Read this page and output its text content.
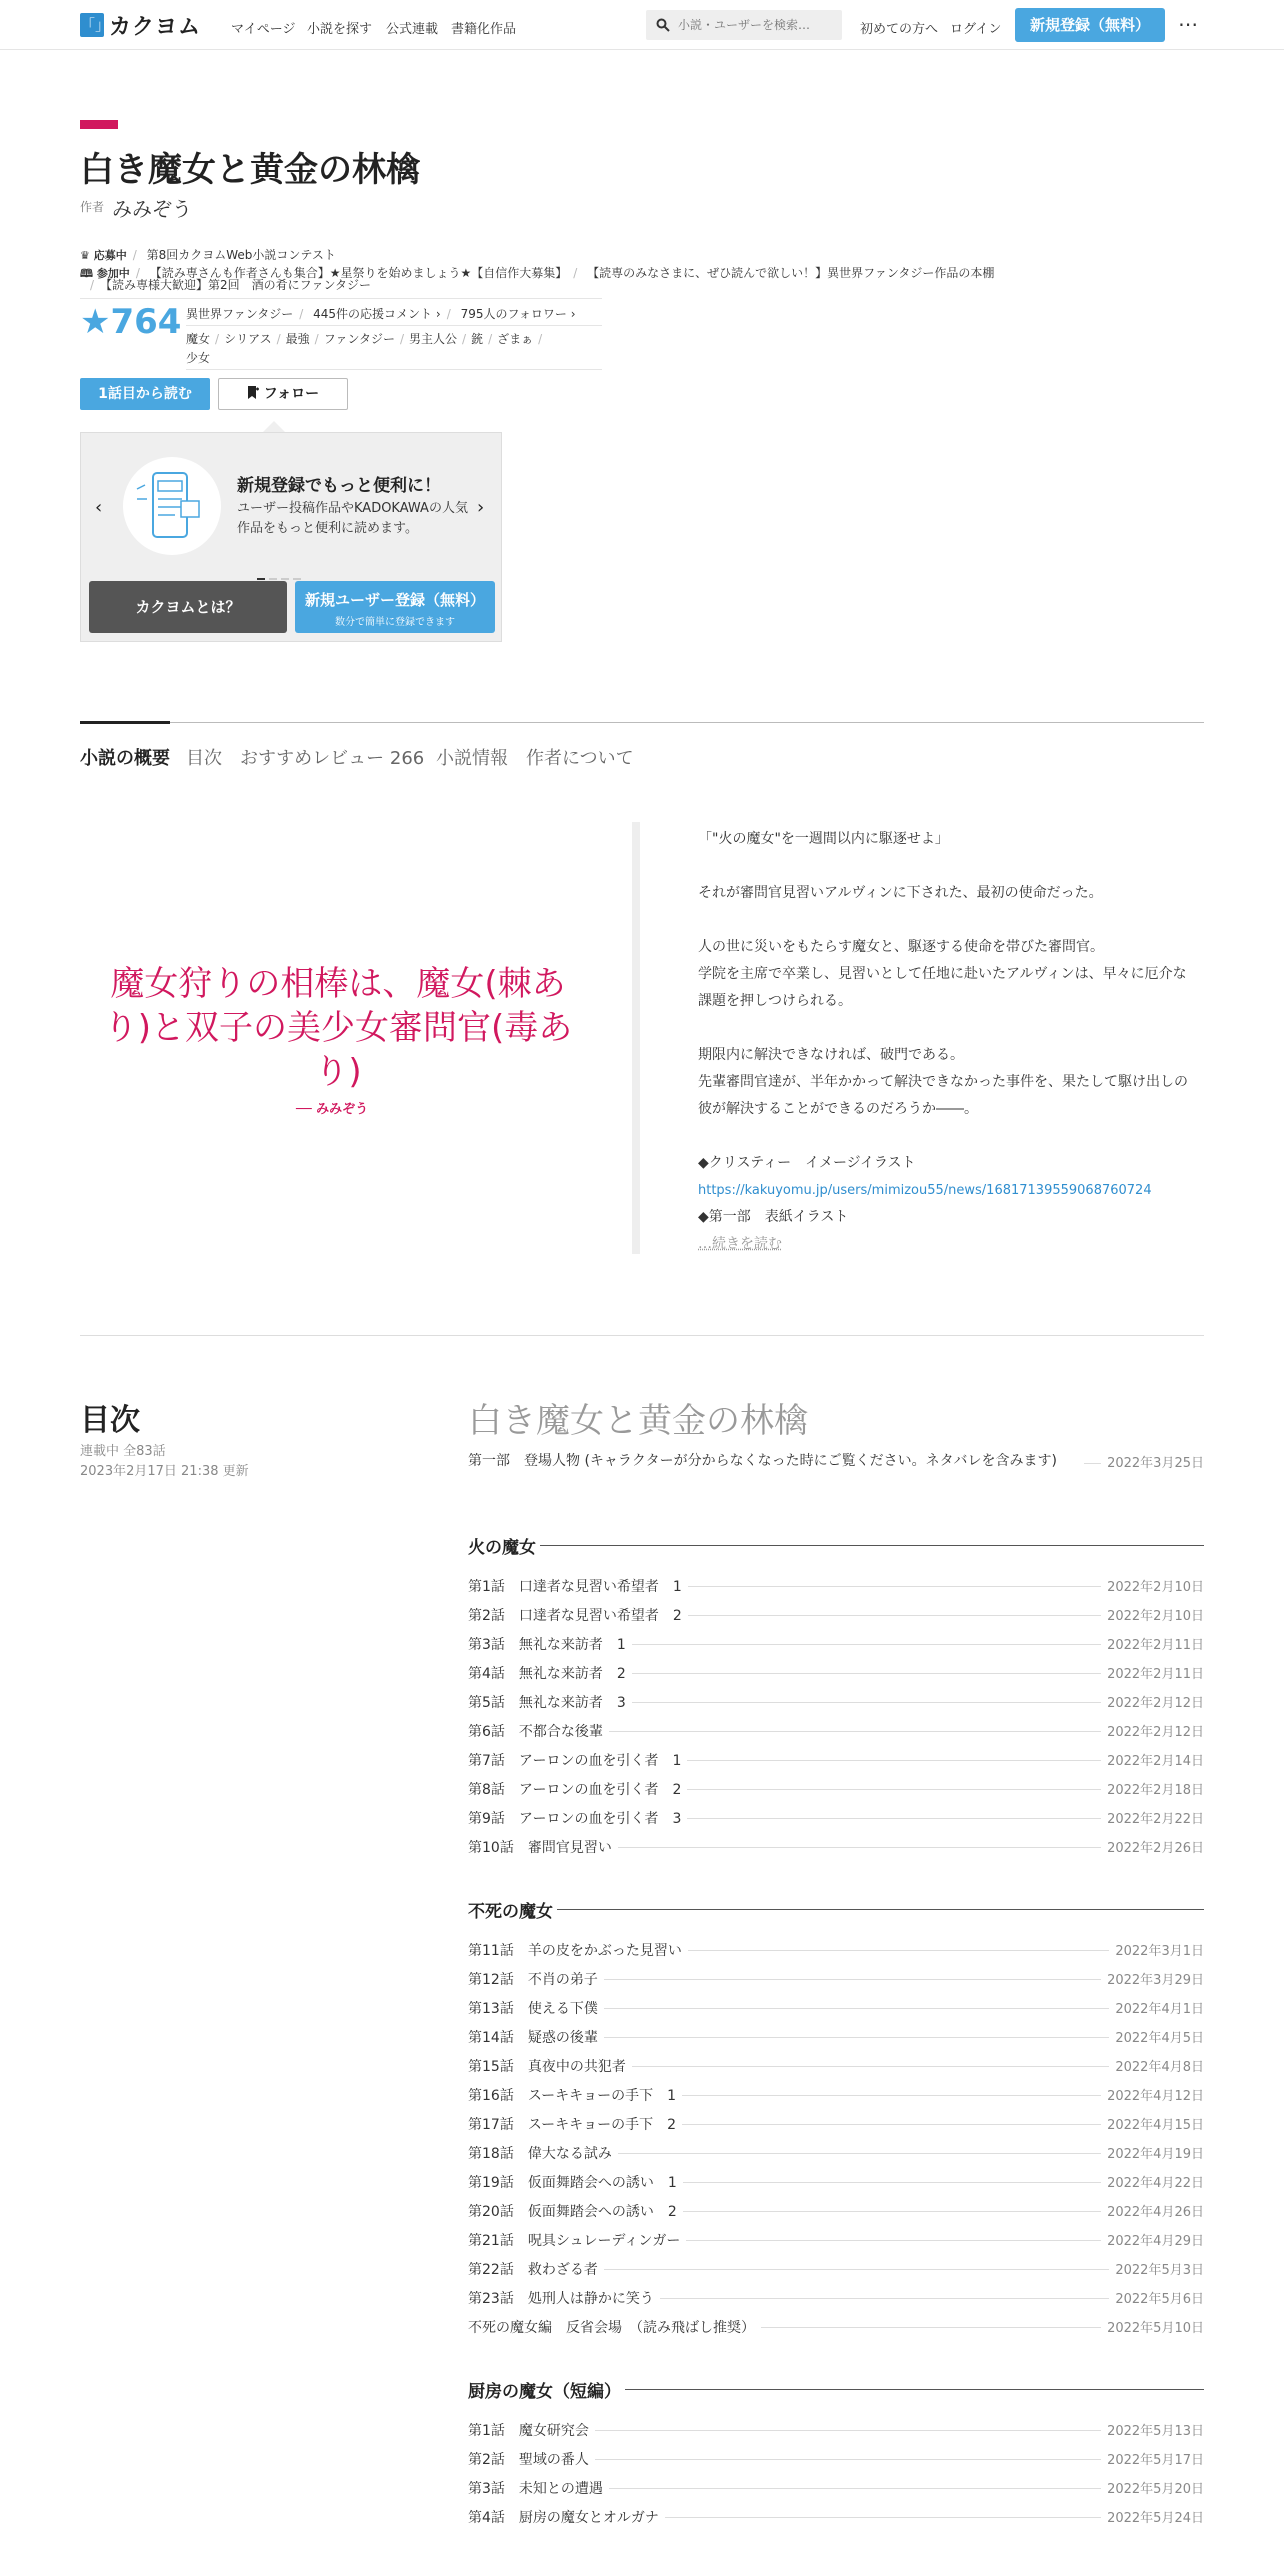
「」
カクヨム マイページ 小説を探す 公式連載 書籍化作品
小説・ユーザーを検索…	初めての方へ ログイン	新規登録（無料）	⋯
白き魔女と黄金の林檎
作者 みみぞう
♛ 応募中 / 第8回カクヨムWeb小説コンテスト
🕮 参加中 / 【読み専さんも作者さんも集合】★星祭りを始めましょう★【自信作大募集】 / 【読専のみなさまに、ぜひ読んで欲しい！】異世界ファンタジー作品の本棚
/ 【読み専様大歓迎】第2回　酒の肴にファンタジー
★764 異世界ファンタジー / 445件の応援コメント › / 795人のフォロワー ›
魔女 / シリアス / 最強 / ファンタジー / 男主人公 / 銃 / ざまぁ /
少女
1話目から読む	フォロー
‹	›
新規登録でもっと便利に！
ユーザー投稿作品やKADOKAWAの人気作品をもっと便利に読めます。
カクヨムとは？	新規ユーザー登録（無料）
数分で簡単に登録できます
小説の概要 目次 おすすめレビュー 266 小説情報 作者について
魔女狩りの相棒は、魔女(棘あり)と双子の美少女審問官(毒あり)
── みみぞう

「"火の魔女"を一週間以内に駆逐せよ」

それが審問官見習いアルヴィンに下された、最初の使命だった。

人の世に災いをもたらす魔女と、駆逐する使命を帯びた審問官。

学院を主席で卒業し、見習いとして任地に赴いたアルヴィンは、早々に厄介な課題を押しつけられる。

期限内に解決できなければ、破門である。

先輩審問官達が、半年かかって解決できなかった事件を、果たして駆け出しの彼が解決することができるのだろうか――。

◆クリスティー　イメージイラスト

https://kakuyomu.jp/users/mimizou55/news/16817139559068760724

◆第一部　表紙イラスト

…続きを読む

目次
連載中 全83話
2023年2月17日 21:38 更新
白き魔女と黄金の林檎
第一部　登場人物 (キャラクターが分からなくなった時にご覧ください。ネタバレを含みます)	2022年3月25日
火の魔女
第1話　口達者な見習い希望者　1	2022年2月10日
第2話　口達者な見習い希望者　2	2022年2月10日
第3話　無礼な来訪者　1	2022年2月11日
第4話　無礼な来訪者　2	2022年2月11日
第5話　無礼な来訪者　3	2022年2月12日
第6話　不都合な後輩	2022年2月12日
第7話　アーロンの血を引く者　1	2022年2月14日
第8話　アーロンの血を引く者　2	2022年2月18日
第9話　アーロンの血を引く者　3	2022年2月22日
第10話　審問官見習い	2022年2月26日
不死の魔女
第11話　羊の皮をかぶった見習い	2022年3月1日
第12話　不肖の弟子	2022年3月29日
第13話　使える下僕	2022年4月1日
第14話　疑惑の後輩	2022年4月5日
第15話　真夜中の共犯者	2022年4月8日
第16話　スーキキョーの手下　1	2022年4月12日
第17話　スーキキョーの手下　2	2022年4月15日
第18話　偉大なる試み	2022年4月19日
第19話　仮面舞踏会への誘い　1	2022年4月22日
第20話　仮面舞踏会への誘い　2	2022年4月26日
第21話　呪具シュレーディンガー	2022年4月29日
第22話　救わざる者	2022年5月3日
第23話　処刑人は静かに笑う	2022年5月6日
不死の魔女編　反省会場　（読み飛ばし推奨）	2022年5月10日
厨房の魔女（短編）
第1話　魔女研究会	2022年5月13日
第2話　聖域の番人	2022年5月17日
第3話　未知との遭遇	2022年5月20日
第4話　厨房の魔女とオルガナ	2022年5月24日
